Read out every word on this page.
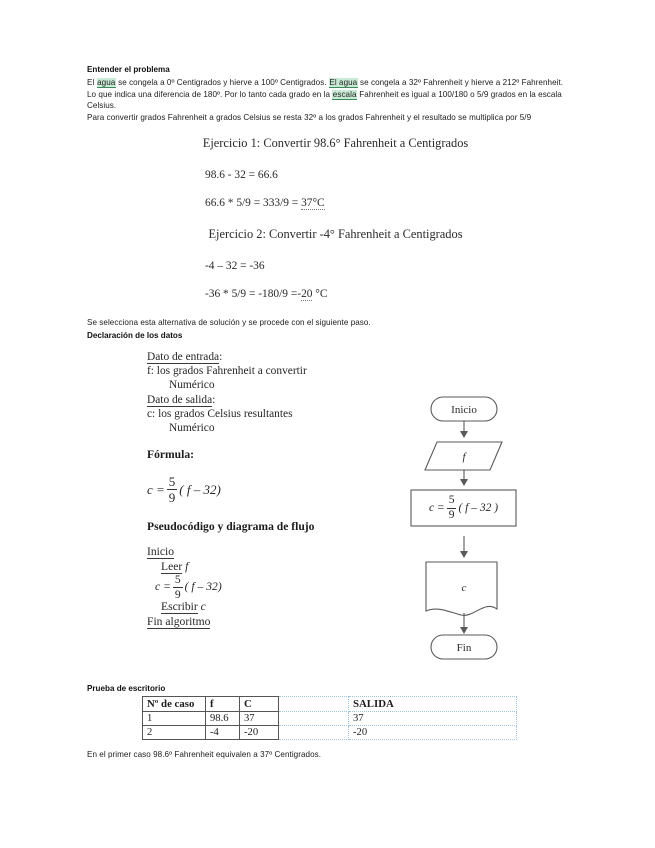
Entender el problema

El agua se congela a 0º Centigrados y hierve a 100º Centigrados. El agua se congela a 32º Fahrenheit y hierve a 212º Fahrenheit. Lo que indica una diferencia de 180º. Por lo tanto cada grado en la escala Fahrenheit es igual a 100/180 o 5/9 grados en la escala Celsius.

Para convertir grados Fahrenheit a grados Celsius se resta 32º a los grados Fahrenheit y el resultado se multiplica por 5/9

Ejercicio 1: Convertir 98.6° Fahrenheit a Centigrados
98.6 - 32 = 66.6
66.6 * 5/9 = 333/9 = 37°C
Ejercicio 2: Convertir -4° Fahrenheit a Centigrados
-4 – 32 = -36
-36 * 5/9 = -180/9 =-20 °C

Se selecciona esta alternativa de solución y se procede con el siguiente paso.

Declaración de los datos
Dato de entrada:
f: los grados Fahrenheit a convertir
Numérico
Dato de salida:
c: los grados Celsius resultantes
Numérico
Fórmula:
$c = \frac{5}{9}$ ( f – 32)
Pseudocódigo y diagrama de flujo
Inicio
Leer f
$c = \frac{5}{9}$ ( f – 32)
Escribir c
Fin algoritmo
Inicio
f
c
Fin
$c = \frac{5}{9}$ ( f – 32 )
Prueba de escritorio
Nº de caso	f	C		SALIDA
1	98.6	37		37
2	-4	-20		-20

En el primer caso 98.6º Fahrenheit equivalen a 37º Centigrados.
